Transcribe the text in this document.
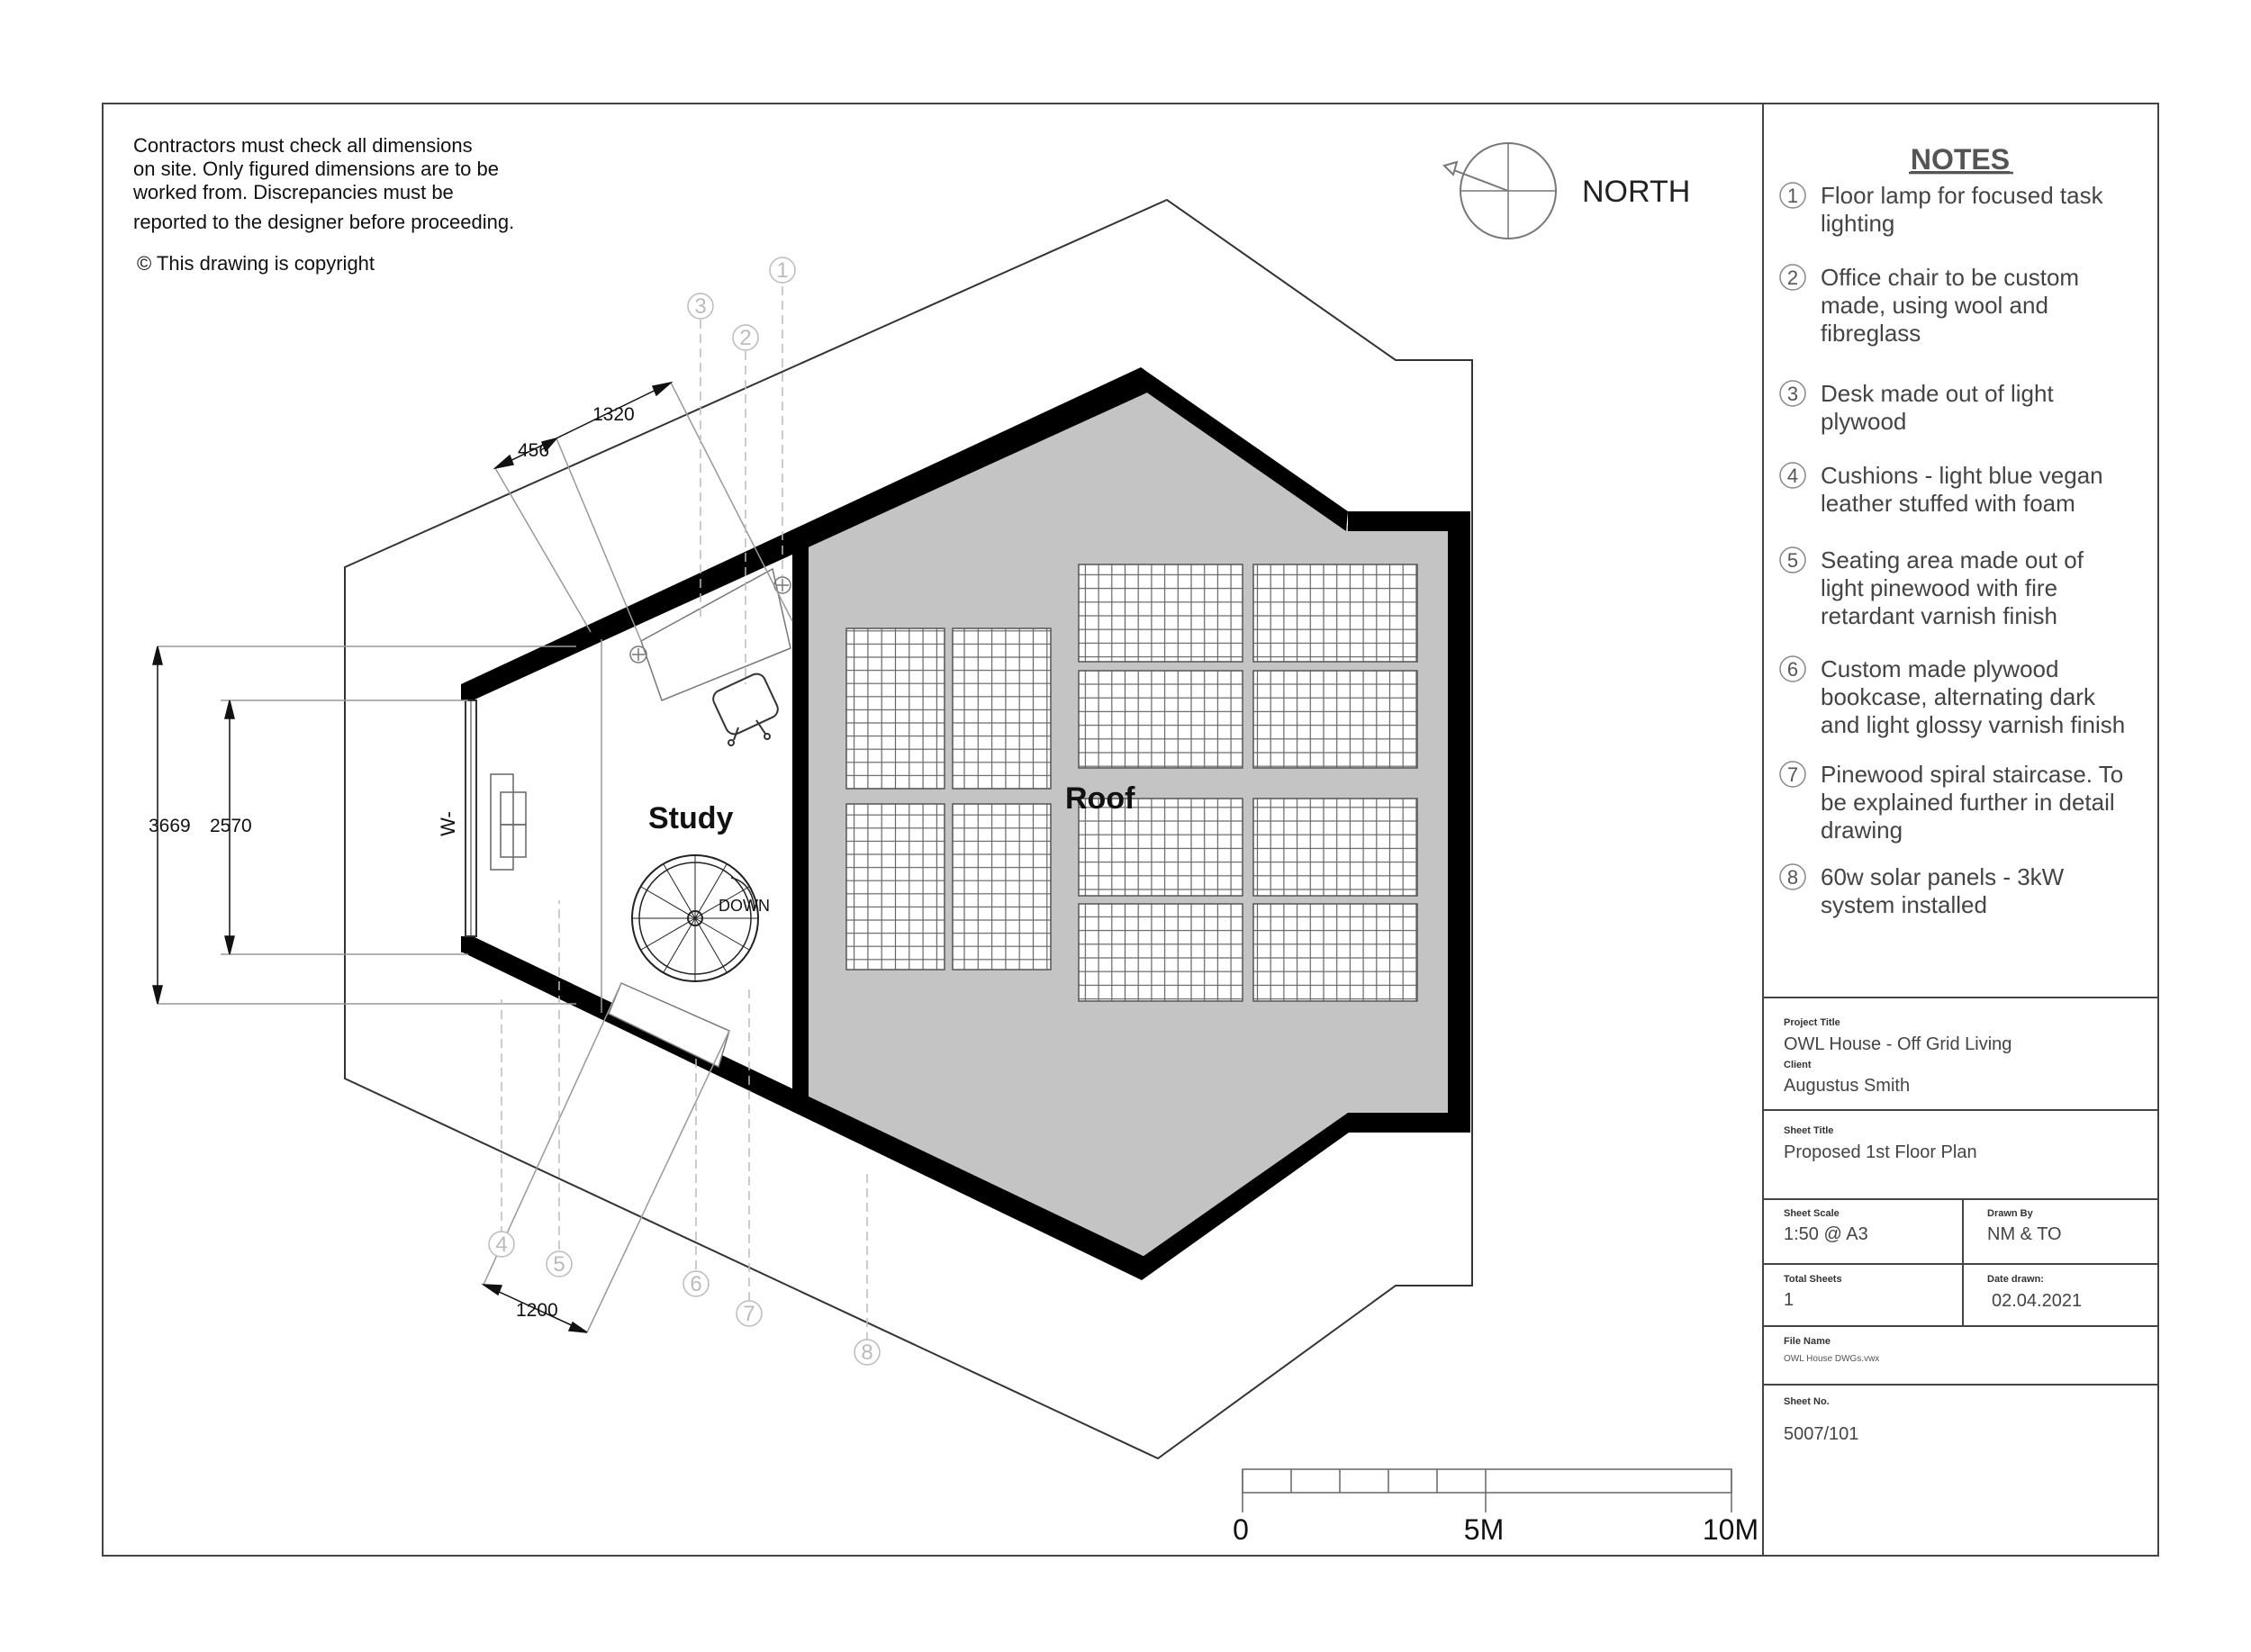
Contractors must check all dimensions
on site. Only figured dimensions are to be
worked from. Discrepancies must be
reported to the designer before proceeding.
© This drawing is copyright
NORTH
W-
DOWN
Study
Roof
3669 2570
456
1320
1200
1
2
3
4
5
6
7
8
0	5M	10M
NOTES
1 Floor lamp for focused task
lighting
2 Office chair to be custom
made, using wool and
fibreglass
3 Desk made out of light
plywood
4 Cushions - light blue vegan
leather stuffed with foam
5 Seating area made out of
light pinewood with fire
retardant varnish finish
6 Custom made plywood
bookcase, alternating dark
and light glossy varnish finish
7 Pinewood spiral staircase. To
be explained further in detail
drawing
8 60w solar panels - 3kW
system installed
Project Title
OWL House - Off Grid Living
Client
Augustus Smith
Sheet Title
Proposed 1st Floor Plan
Sheet Scale
1:50 @ A3
Drawn By
NM & TO
Total Sheets
1
Date drawn:
02.04.2021
File Name
OWL House DWGs.vwx
Sheet No.
5007/101
